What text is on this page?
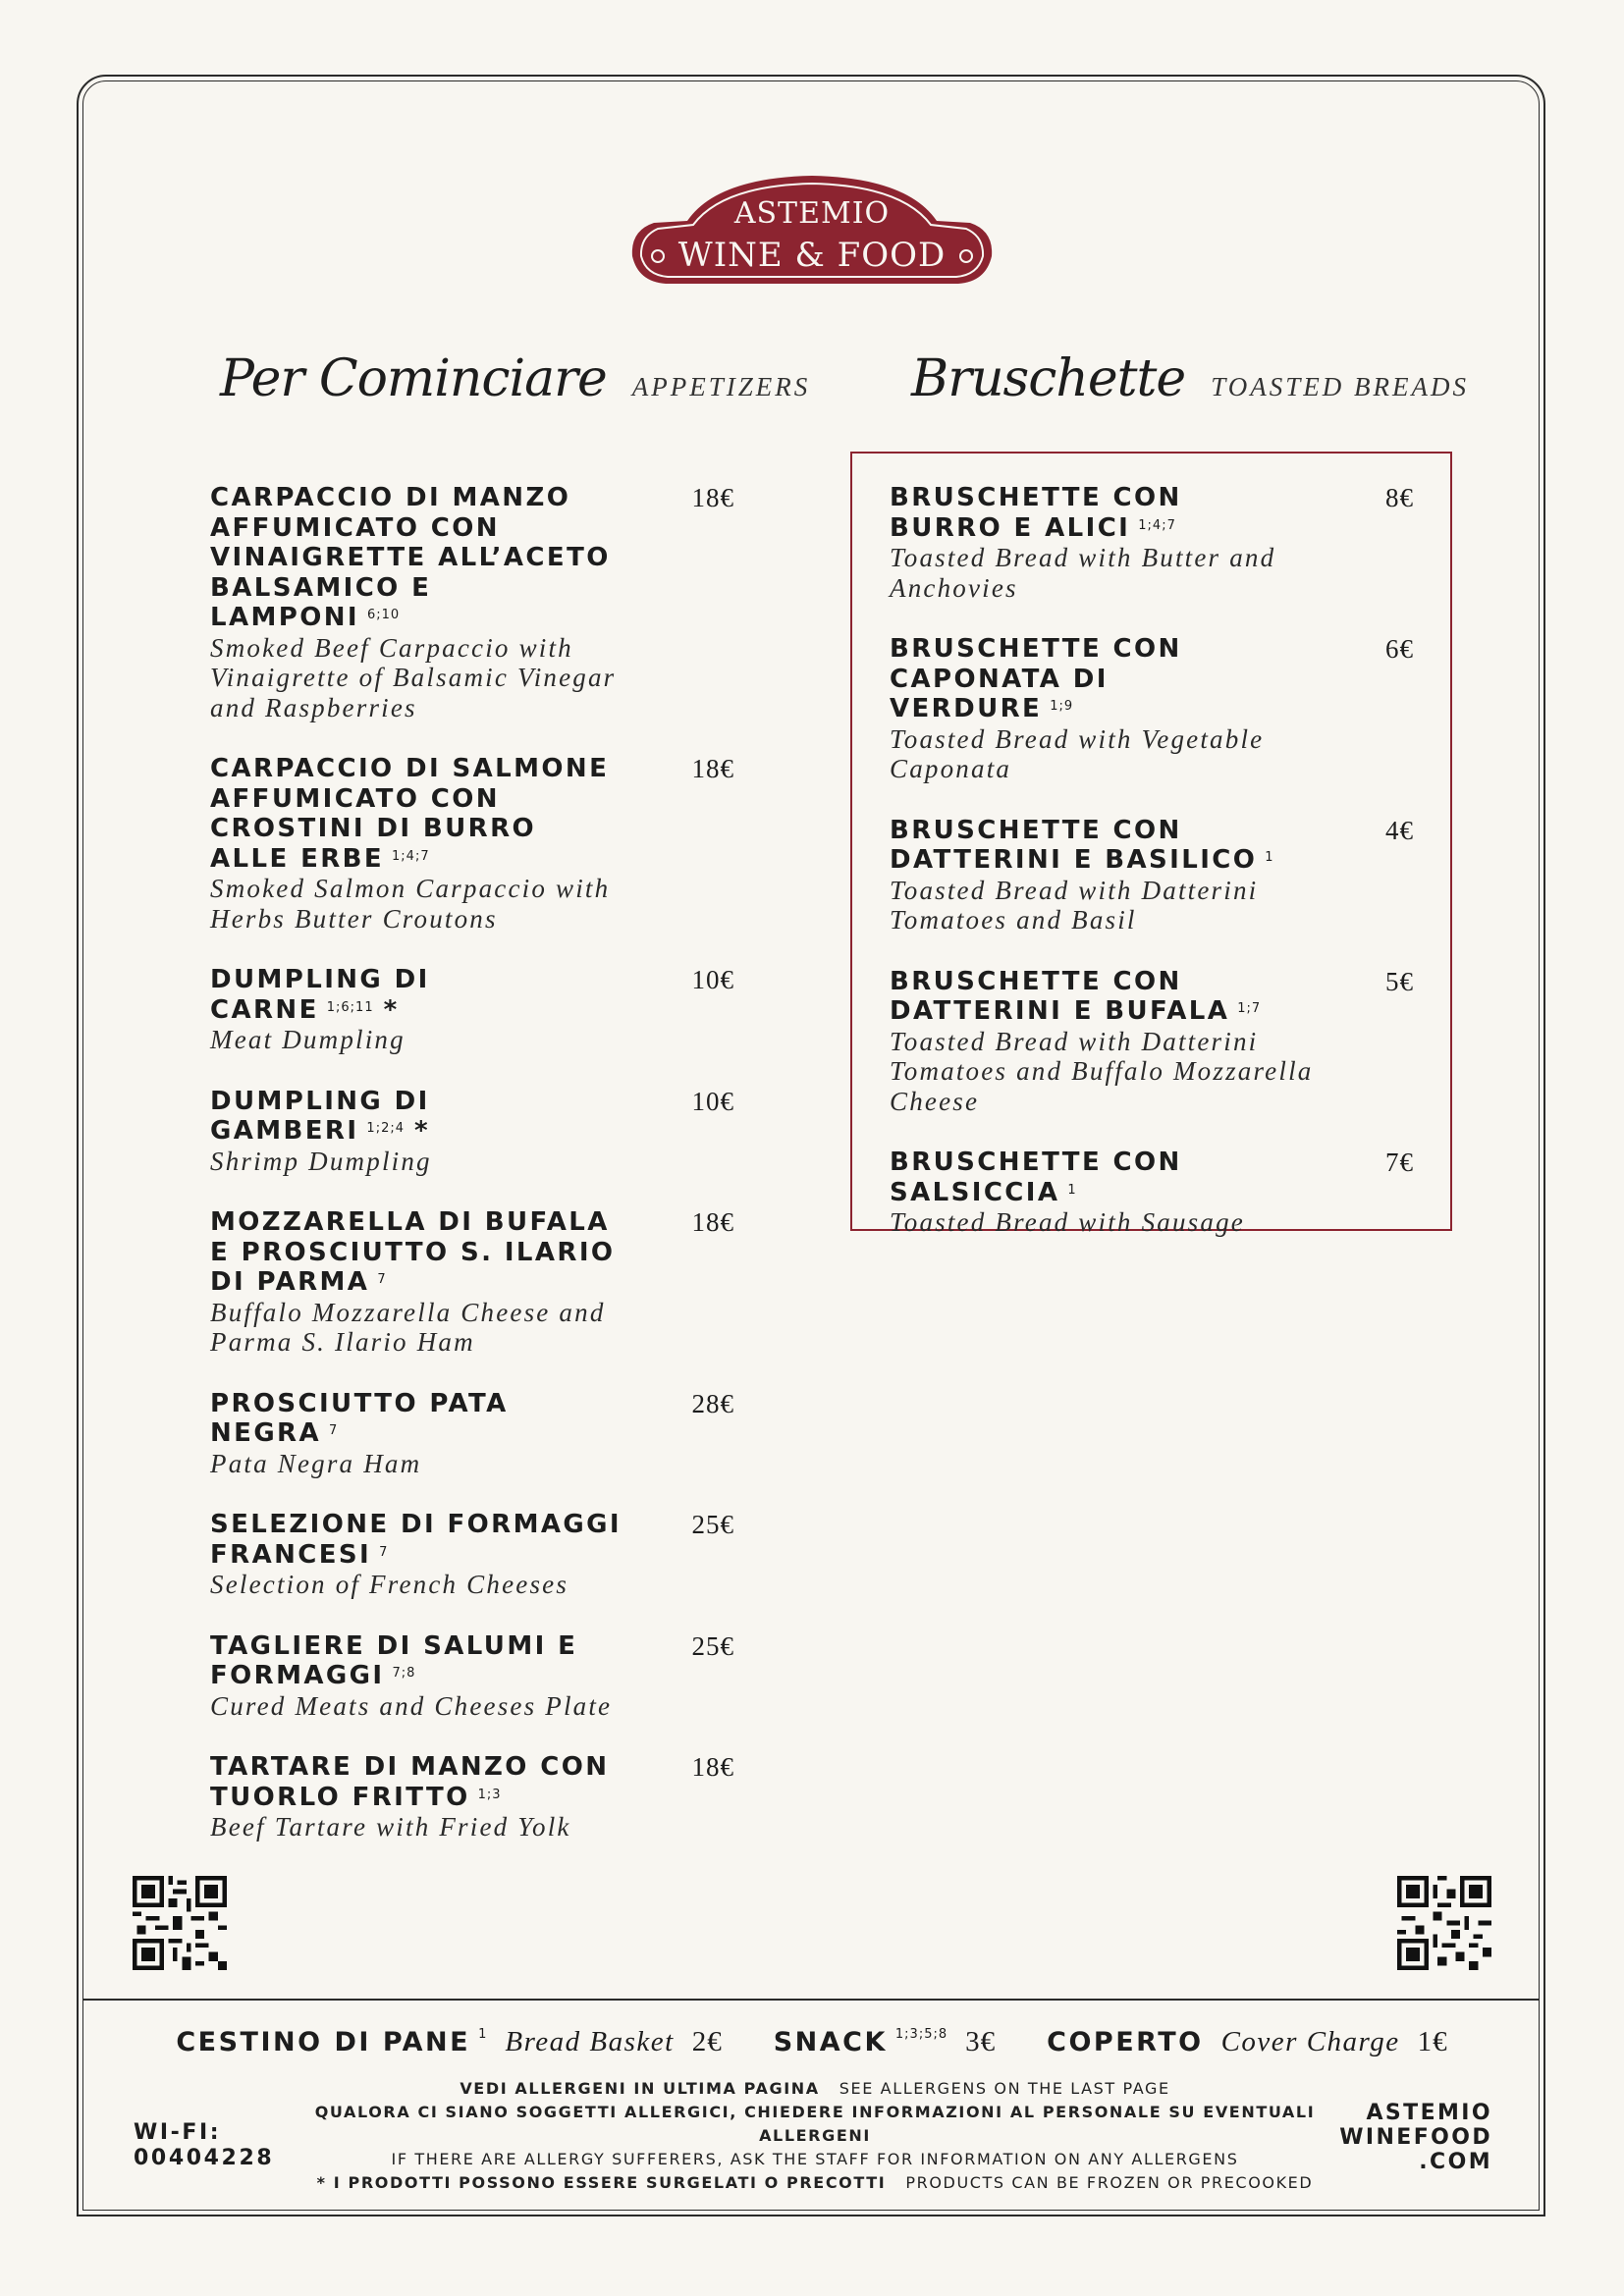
ASTEMIO
WINE & FOOD
Per Cominciare APPETIZERS Bruschette TOASTED BREADS
CARPACCIO DI MANZO AFFUMICATO CON VINAIGRETTE ALL’ACETO BALSAMICO E LAMPONI $^{6;10}$
Smoked Beef Carpaccio with Vinaigrette of Balsamic Vinegar and Raspberries
18€
CARPACCIO DI SALMONE AFFUMICATO CON CROSTINI DI BURRO ALLE ERBE $^{1;4;7}$
Smoked Salmon Carpaccio with Herbs Butter Croutons
18€
DUMPLING DI CARNE $^{1;6;11}$ *
Meat Dumpling
10€
DUMPLING DI GAMBERI $^{1;2;4}$ *
Shrimp Dumpling
10€
MOZZARELLA DI BUFALA E PROSCIUTTO S. ILARIO DI PARMA $^7$
Buffalo Mozzarella Cheese and Parma S. Ilario Ham
18€
PROSCIUTTO PATA NEGRA $^7$
Pata Negra Ham
28€
SELEZIONE DI FORMAGGI FRANCESI $^7$
Selection of French Cheeses
25€
TAGLIERE DI SALUMI E FORMAGGI $^{7;8}$
Cured Meats and Cheeses Plate
25€
TARTARE DI MANZO CON TUORLO FRITTO $^{1;3}$
Beef Tartare with Fried Yolk
18€
BRUSCHETTE CON BURRO E ALICI $^{1;4;7}$
Toasted Bread with Butter and Anchovies
8€
BRUSCHETTE CON CAPONATA DI VERDURE $^{1;9}$
Toasted Bread with Vegetable Caponata
6€
BRUSCHETTE CON DATTERINI E BASILICO $^1$
Toasted Bread with Datterini Tomatoes and Basil
4€
BRUSCHETTE CON DATTERINI E BUFALA $^{1;7}$
Toasted Bread with Datterini Tomatoes and Buffalo Mozzarella Cheese
5€
BRUSCHETTE CON SALSICCIA $^1$
Toasted Bread with Sausage
7€
CESTINO DI PANE $^1$ Bread Basket 2€ SNACK $^{1;3;5;8}$ 3€ COPERTO Cover Charge 1€
VEDI ALLERGENI IN ULTIMA PAGINA SEE ALLERGENS ON THE LAST PAGE
QUALORA CI SIANO SOGGETTI ALLERGICI, CHIEDERE INFORMAZIONI AL PERSONALE SU EVENTUALI ALLERGENI
IF THERE ARE ALLERGY SUFFERERS, ASK THE STAFF FOR INFORMATION ON ANY ALLERGENS
* I PRODOTTI POSSONO ESSERE SURGELATI O PRECOTTI PRODUCTS CAN BE FROZEN OR PRECOOKED
WI-FI:
00404228
ASTEMIO
WINEFOOD
.COM
